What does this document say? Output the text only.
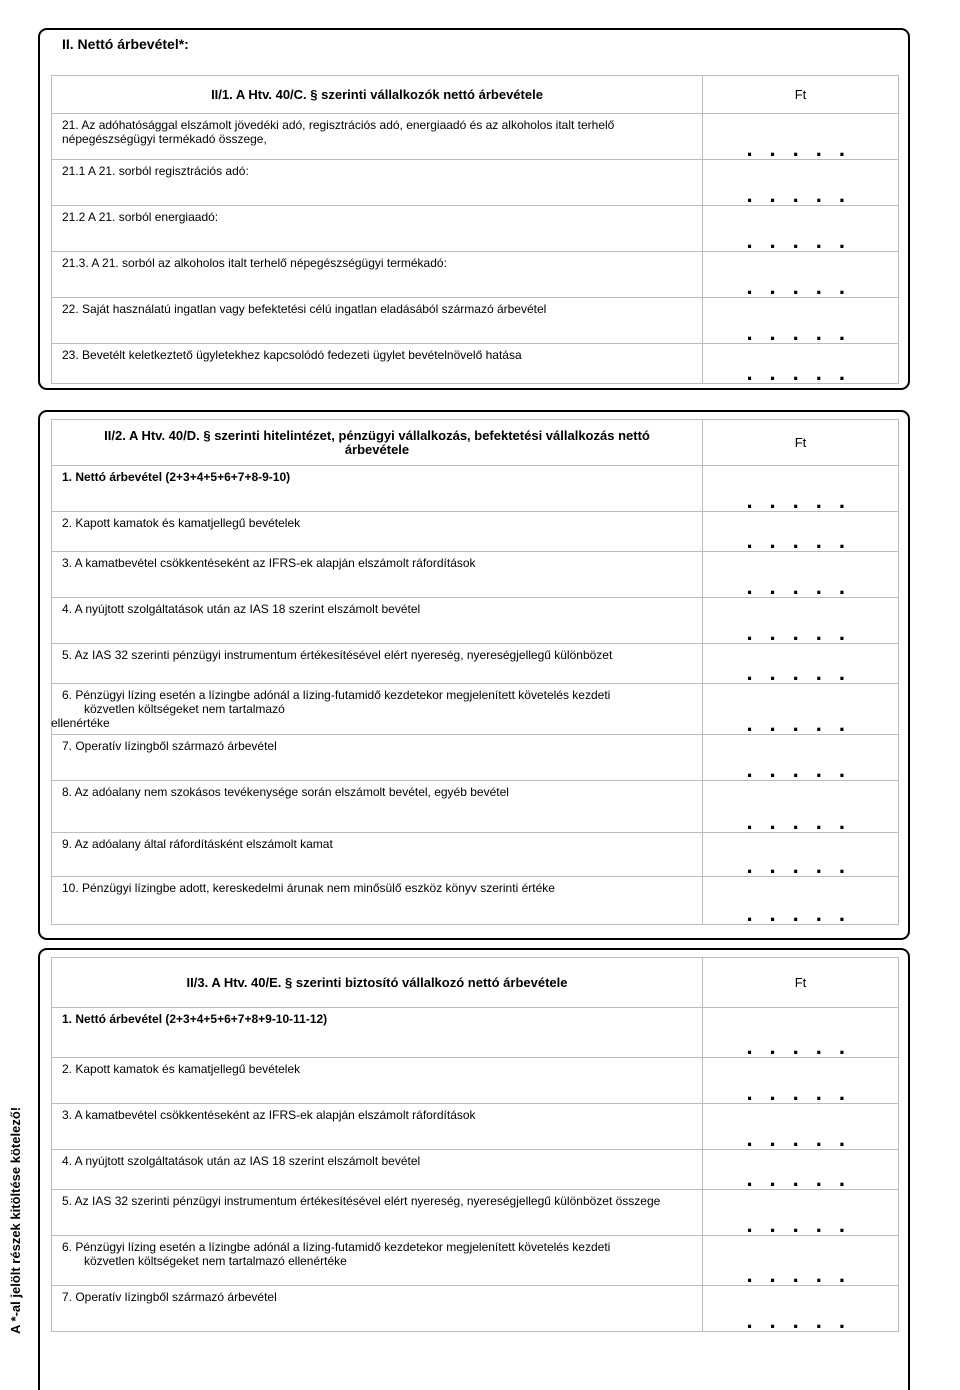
II. Nettó árbevétel*:
II/1. A Htv. 40/C. § szerinti vállalkozók nettó árbevétele	Ft

21. Az adóhatósággal elszámolt jövedéki adó, regisztrációs adó, energiaadó és az alkoholos italt terhelő népegészségügyi termékadó összege,	.....
21.1 A 21. sorból regisztrációs adó:	.....
21.2 A 21. sorból energiaadó:	.....
21.3. A 21. sorból az alkoholos italt terhelő népegészségügyi termékadó:	.....
22. Saját használatú ingatlan vagy befektetési célú ingatlan eladásából származó árbevétel	.....
23. Bevetélt keletkeztető ügyletekhez kapcsolódó fedezeti ügylet bevételnövelő hatása	.....
II/2. A Htv. 40/D. § szerinti hitelintézet, pénzügyi vállalkozás, befektetési vállalkozás nettó árbevétele	Ft
1. Nettó árbevétel (2+3+4+5+6+7+8-9-10)	.....
2. Kapott kamatok és kamatjellegű bevételek	.....
3. A kamatbevétel csökkentéseként az IFRS-ek alapján elszámolt ráfordítások	.....
4. A nyújtott szolgáltatások után az IAS 18 szerint elszámolt bevétel	.....
5. Az IAS 32 szerinti pénzügyi instrumentum értékesítésével elért nyereség, nyereségjellegű különbözet	.....
6. Pénzügyi lízing esetén a lízingbe adónál a lízing-futamidő kezdetekor megjelenített követelés kezdeti
közvetlen költségeket nem tartalmazó
ellenértéke	.....
7. Operatív lízingből származó árbevétel	.....
8. Az adóalany nem szokásos tevékenysége során elszámolt bevétel, egyéb bevétel	.....
9. Az adóalany által ráfordításként elszámolt kamat	.....
10. Pénzügyi lízingbe adott, kereskedelmi árunak nem minősülő eszköz könyv szerinti értéke	.....
II/3. A Htv. 40/E. § szerinti biztosító vállalkozó nettó árbevétele	Ft
1. Nettó árbevétel (2+3+4+5+6+7+8+9-10-11-12)	.....
2. Kapott kamatok és kamatjellegű bevételek	.....
3. A kamatbevétel csökkentéseként az IFRS-ek alapján elszámolt ráfordítások	.....
4. A nyújtott szolgáltatások után az IAS 18 szerint elszámolt bevétel	.....
5. Az IAS 32 szerinti pénzügyi instrumentum értékesítésével elért nyereség, nyereségjellegű különbözet összege	.....
6. Pénzügyi lízing esetén a lízingbe adónál a lízing-futamidő kezdetekor megjelenített követelés kezdeti
közvetlen költségeket nem tartalmazó ellenértéke	.....
7. Operatív lízingből származó árbevétel	.....
A *-al jelölt részek kitöltése kötelező!
